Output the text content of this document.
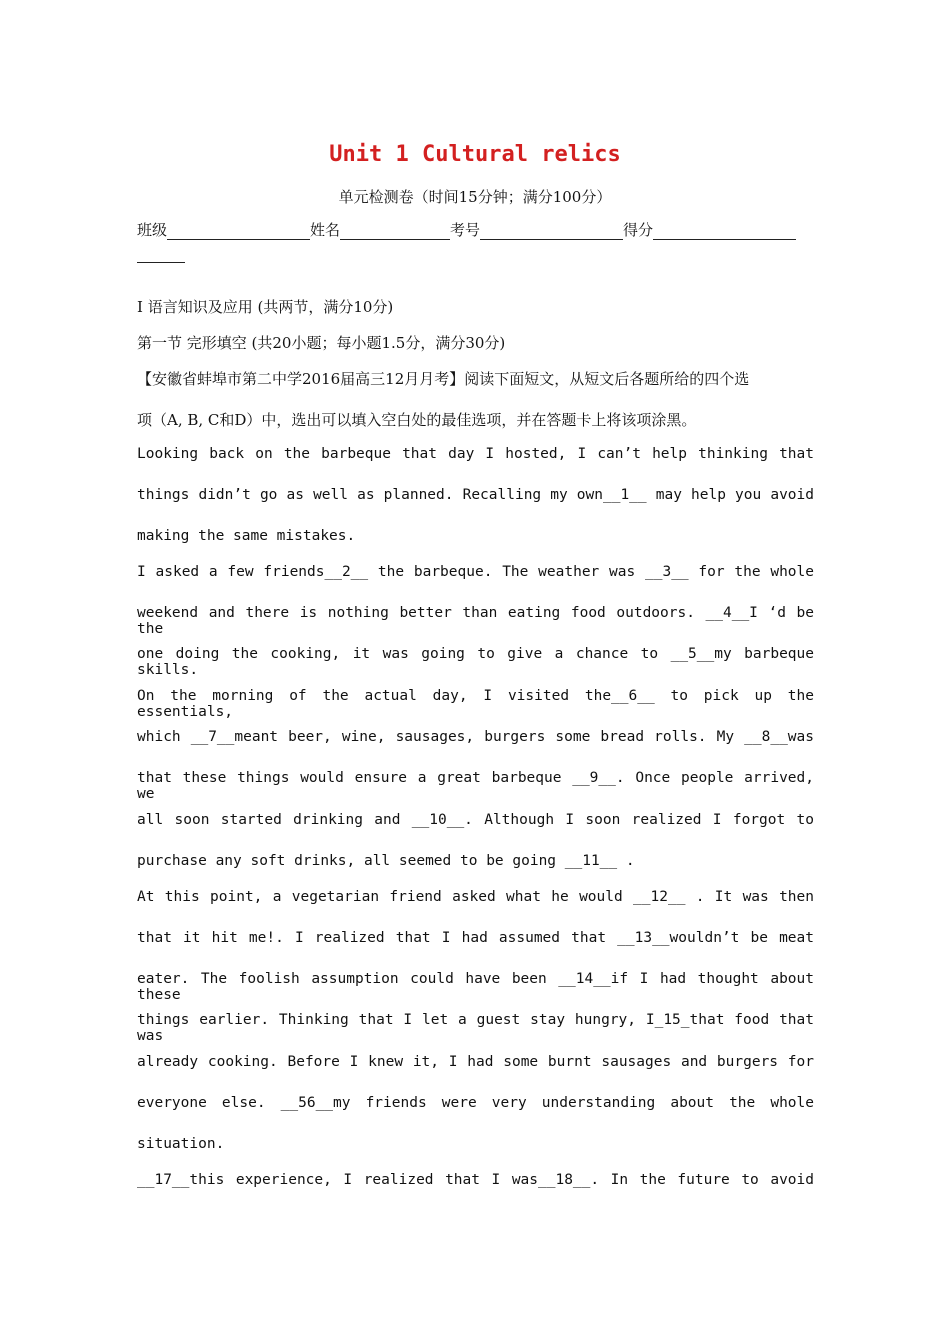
Unit 1 Cultural relics
单元检测卷（时间15分钟；满分100分）
班级	姓名	考号	得分
I 语言知识及应用 (共两节，满分10分)
第一节 完形填空 (共20小题；每小题1.5分，满分30分)
【安徽省蚌埠市第二中学2016届高三12月月考】阅读下面短文，从短文后各题所给的四个选
项（A, B, C和D）中，选出可以填入空白处的最佳选项，并在答题卡上将该项涂黑。
Looking back on the barbeque that day I hosted, I can’t help thinking that
things didn’t go as well as planned. Recalling my own__1__ may help you avoid
making the same mistakes.
I asked a few friends__2__ the barbeque. The weather was __3__ for the whole
weekend and there is nothing better than eating food outdoors. __4__I ‘d be the
one doing the cooking, it was going to give a chance to __5__my barbeque skills.
On the morning of the actual day, I visited the__6__ to pick up the essentials,
which __7__meant beer, wine, sausages, burgers some bread rolls. My __8__was
that these things would ensure a great barbeque __9__. Once people arrived, we
all soon started drinking and __10__. Although I soon realized I forgot to
purchase any soft drinks, all seemed to be going __11__ .
At this point, a vegetarian friend asked what he would __12__ . It was then
that it hit me!. I realized that I had assumed that __13__wouldn’t be meat
eater. The foolish assumption could have been __14__if I had thought about these
things earlier. Thinking that I let a guest stay hungry, I_15_that food that was
already cooking. Before I knew it, I had some burnt sausages and burgers for
everyone else. __56__my friends were very understanding about the whole
situation.
__17__this experience, I realized that I was__18__. In the future to avoid
